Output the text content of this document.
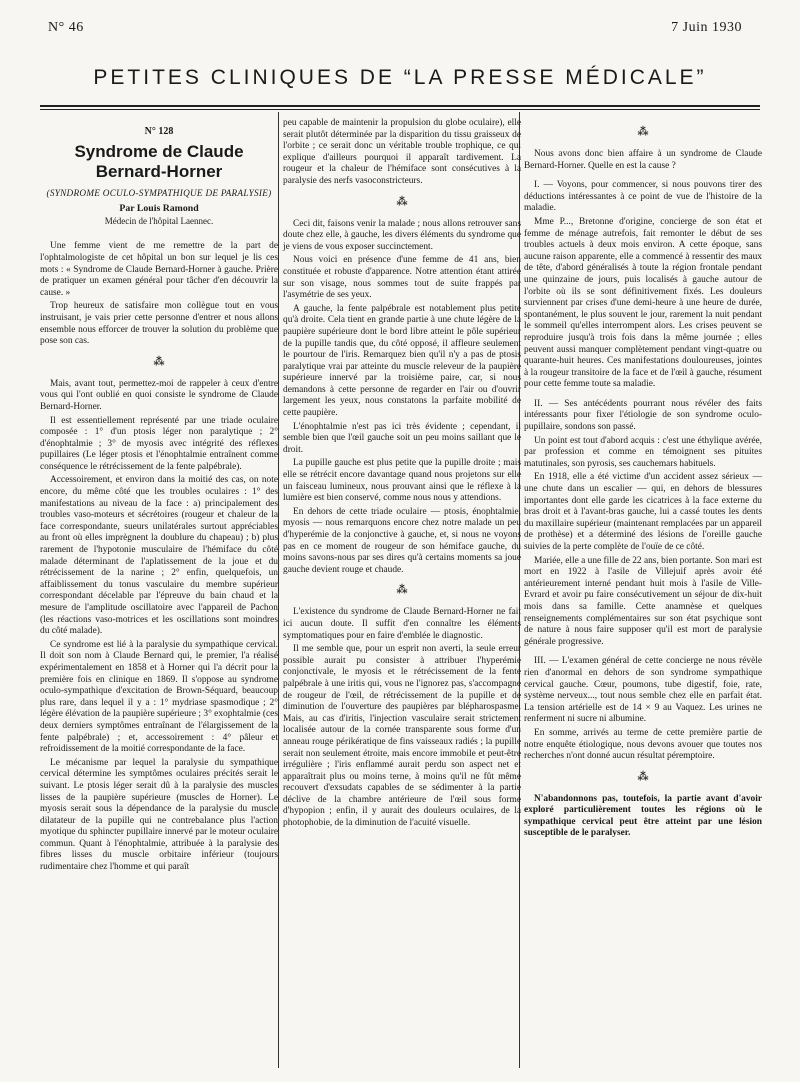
N° 46	7 Juin 1930
PETITES CLINIQUES DE “LA PRESSE MÉDICALE”
N° 128
Syndrome de Claude Bernard-Horner
(SYNDROME OCULO-SYMPATHIQUE DE PARALYSIE)
Par Louis Ramond
Médecin de l'hôpital Laennec.

Une femme vient de me remettre de la part de l'ophtalmologiste de cet hôpital un bon sur lequel je lis ces mots : « Syndrome de Claude Bernard-Horner à gauche. Prière de pratiquer un examen général pour tâcher d'en découvrir la cause. »

Trop heureux de satisfaire mon collègue tout en vous instruisant, je vais prier cette personne d'entrer et nous allons ensemble nous efforcer de trouver la solution du problème que pose son cas.

⁂

Mais, avant tout, permettez-moi de rappeler à ceux d'entre vous qui l'ont oublié en quoi consiste le syndrome de Claude Bernard-Horner.

Il est essentiellement représenté par une triade oculaire composée : 1° d'un ptosis léger non paralytique ; 2° d'énophtalmie ; 3° de myosis avec intégrité des réflexes pupillaires (Le léger ptosis et l'énophtalmie entraînent comme conséquence le rétrécissement de la fente palpébrale).

Accessoirement, et environ dans la moitié des cas, on note encore, du même côté que les troubles oculaires : 1° des manifestations au niveau de la face : a) principalement des troubles vaso-moteurs et sécrétoires (rougeur et chaleur de la face correspondante, sueurs unilatérales surtout appréciables au front où elles imprègnent la doublure du chapeau) ; b) plus rarement de l'hypotonie musculaire de l'hémiface du côté malade déterminant de l'aplatissement de la joue et du rétrécissement de la narine ; 2° enfin, quelquefois, un affaiblissement du tonus vasculaire du membre supérieur correspondant décelable par l'épreuve du bain chaud et la mesure de l'amplitude oscillatoire avec l'appareil de Pachon (les réactions vaso-motrices et les oscillations sont moindres du côté malade).

Ce syndrome est lié à la paralysie du sympathique cervical. Il doit son nom à Claude Bernard qui, le premier, l'a réalisé expérimentalement en 1858 et à Horner qui l'a décrit pour la première fois en clinique en 1869. Il s'oppose au syndrome oculo-sympathique d'excitation de Brown-Séquard, beaucoup plus rare, dans lequel il y a : 1° mydriase spasmodique ; 2° légère élévation de la paupière supérieure ; 3° exophtalmie (ces deux derniers symptômes entraînant de l'élargissement de la fente palpébrale) ; et, accessoirement : 4° pâleur et refroidissement de la moitié correspondante de la face.

Le mécanisme par lequel la paralysie du sympathique cervical détermine les symptômes oculaires précités serait le suivant. Le ptosis léger serait dû à la paralysie des muscles lisses de la paupière supérieure (muscles de Horner). Le myosis serait sous la dépendance de la paralysie du muscle dilatateur de la pupille qui ne contrebalance plus l'action myotique du sphincter pupillaire innervé par le moteur oculaire commun. Quant à l'énophtalmie, attribuée à la paralysie des fibres lisses du muscle orbitaire inférieur (toujours rudimentaire chez l'homme et qui paraît

peu capable de maintenir la propulsion du globe oculaire), elle serait plutôt déterminée par la disparition du tissu graisseux de l'orbite ; ce serait donc un véritable trouble trophique, ce qui explique d'ailleurs pourquoi il apparaît tardivement. La rougeur et la chaleur de l'hémiface sont consécutives à la paralysie des nerfs vasoconstricteurs.

⁂

Ceci dit, faisons venir la malade ; nous allons retrouver sans doute chez elle, à gauche, les divers éléments du syndrome que je viens de vous exposer succinctement.

Nous voici en présence d'une femme de 41 ans, bien constituée et robuste d'apparence. Notre attention étant attirée sur son visage, nous sommes tout de suite frappés par l'asymétrie de ses yeux.

A gauche, la fente palpébrale est notablement plus petite qu'à droite. Cela tient en grande partie à une chute légère de la paupière supérieure dont le bord libre atteint le pôle supérieur de la pupille tandis que, du côté opposé, il affleure seulement le pourtour de l'iris. Remarquez bien qu'il n'y a pas de ptosis paralytique vrai par atteinte du muscle releveur de la paupière supérieure innervé par la troisième paire, car, si nous demandons à cette personne de regarder en l'air ou d'ouvrir largement les yeux, nous constatons la parfaite mobilité de cette paupière.

L'énophtalmie n'est pas ici très évidente ; cependant, il semble bien que l'œil gauche soit un peu moins saillant que le droit.

La pupille gauche est plus petite que la pupille droite ; mais elle se rétrécit encore davantage quand nous projetons sur elle un faisceau lumineux, nous prouvant ainsi que le réflexe à la lumière est bien conservé, comme nous nous y attendions.

En dehors de cette triade oculaire — ptosis, énophtalmie, myosis — nous remarquons encore chez notre malade un peu d'hyperémie de la conjonctive à gauche, et, si nous ne voyons pas en ce moment de rougeur de son hémiface gauche, du moins savons-nous par ses dires qu'à certains moments sa joue gauche devient rouge et chaude.

⁂

L'existence du syndrome de Claude Bernard-Horner ne fait ici aucun doute. Il suffit d'en connaître les éléments symptomatiques pour en faire d'emblée le diagnostic.

Il me semble que, pour un esprit non averti, la seule erreur possible aurait pu consister à attribuer l'hyperémie conjonctivale, le myosis et le rétrécissement de la fente palpébrale à une iritis qui, vous ne l'ignorez pas, s'accompagne de rougeur de l'œil, de rétrécissement de la pupille et de diminution de l'ouverture des paupières par blépharospasme. Mais, au cas d'iritis, l'injection vasculaire serait strictement localisée autour de la cornée transparente sous forme d'un anneau rouge périkératique de fins vaisseaux radiés ; la pupille serait non seulement étroite, mais encore immobile et peut-être irrégulière ; l'iris enflammé aurait perdu son aspect net et apparaîtrait plus ou moins terne, à moins qu'il ne fût même recouvert d'exsudats capables de se sédimenter à la partie déclive de la chambre antérieure de l'œil sous forme d'hypopion ; enfin, il y aurait des douleurs oculaires, de la photophobie, de la diminution de l'acuité visuelle.

⁂

Nous avons donc bien affaire à un syndrome de Claude Bernard-Horner. Quelle en est la cause ?

I. — Voyons, pour commencer, si nous pouvons tirer des déductions intéressantes à ce point de vue de l'histoire de la maladie.

Mme P..., Bretonne d'origine, concierge de son état et femme de ménage autrefois, fait remonter le début de ses troubles actuels à deux mois environ. A cette époque, sans aucune raison apparente, elle a commencé à ressentir des maux de tête, d'abord généralisés à toute la région frontale pendant une quinzaine de jours, puis localisés à gauche autour de l'orbite où ils se sont définitivement fixés. Les douleurs surviennent par crises d'une demi-heure à une heure de durée, spontanément, le plus souvent le jour, rarement la nuit pendant le sommeil qu'elles interrompent alors. Les crises peuvent se reproduire jusqu'à trois fois dans la même journée ; elles peuvent aussi manquer complètement pendant vingt-quatre ou quarante-huit heures. Ces manifestations douloureuses, jointes à la rougeur transitoire de la face et de l'œil à gauche, résument pour cette femme toute sa maladie.

II. — Ses antécédents pourrant nous révéler des faits intéressants pour fixer l'étiologie de son syndrome oculo-pupillaire, sondons son passé.

Un point est tout d'abord acquis : c'est une éthylique avérée, par profession et comme en témoignent ses pituites matutinales, son pyrosis, ses cauchemars habituels.

En 1918, elle a été victime d'un accident assez sérieux — une chute dans un escalier — qui, en dehors de blessures importantes dont elle garde les cicatrices à la face externe du bras droit et à l'avant-bras gauche, lui a cassé toutes les dents du maxillaire supérieur (maintenant remplacées par un appareil de prothèse) et a déterminé des lésions de l'oreille gauche suivies de la perte complète de l'ouïe de ce côté.

Mariée, elle a une fille de 22 ans, bien portante. Son mari est mort en 1922 à l'asile de Villejuif après avoir été antérieurement interné pendant huit mois à l'asile de Ville-Evrard et avoir pu faire consécutivement un séjour de dix-huit mois dans sa famille. Cette anamnèse et quelques renseignements complémentaires sur son état psychique sont de nature à nous faire supposer qu'il est mort de paralysie générale progressive.

III. — L'examen général de cette concierge ne nous révèle rien d'anormal en dehors de son syndrome sympathique cervical gauche. Cœur, poumons, tube digestif, foie, rate, système nerveux..., tout nous semble chez elle en parfait état. La tension artérielle est de 14 × 9 au Vaquez. Les urines ne renferment ni sucre ni albumine.

En somme, arrivés au terme de cette première partie de notre enquête étiologique, nous devons avouer que toutes nos recherches n'ont donné aucun résultat péremptoire.

⁂

N'abandonnons pas, toutefois, la partie avant d'avoir exploré particulièrement toutes les régions où le sympathique cervical peut être atteint par une lésion susceptible de le paralyser.
